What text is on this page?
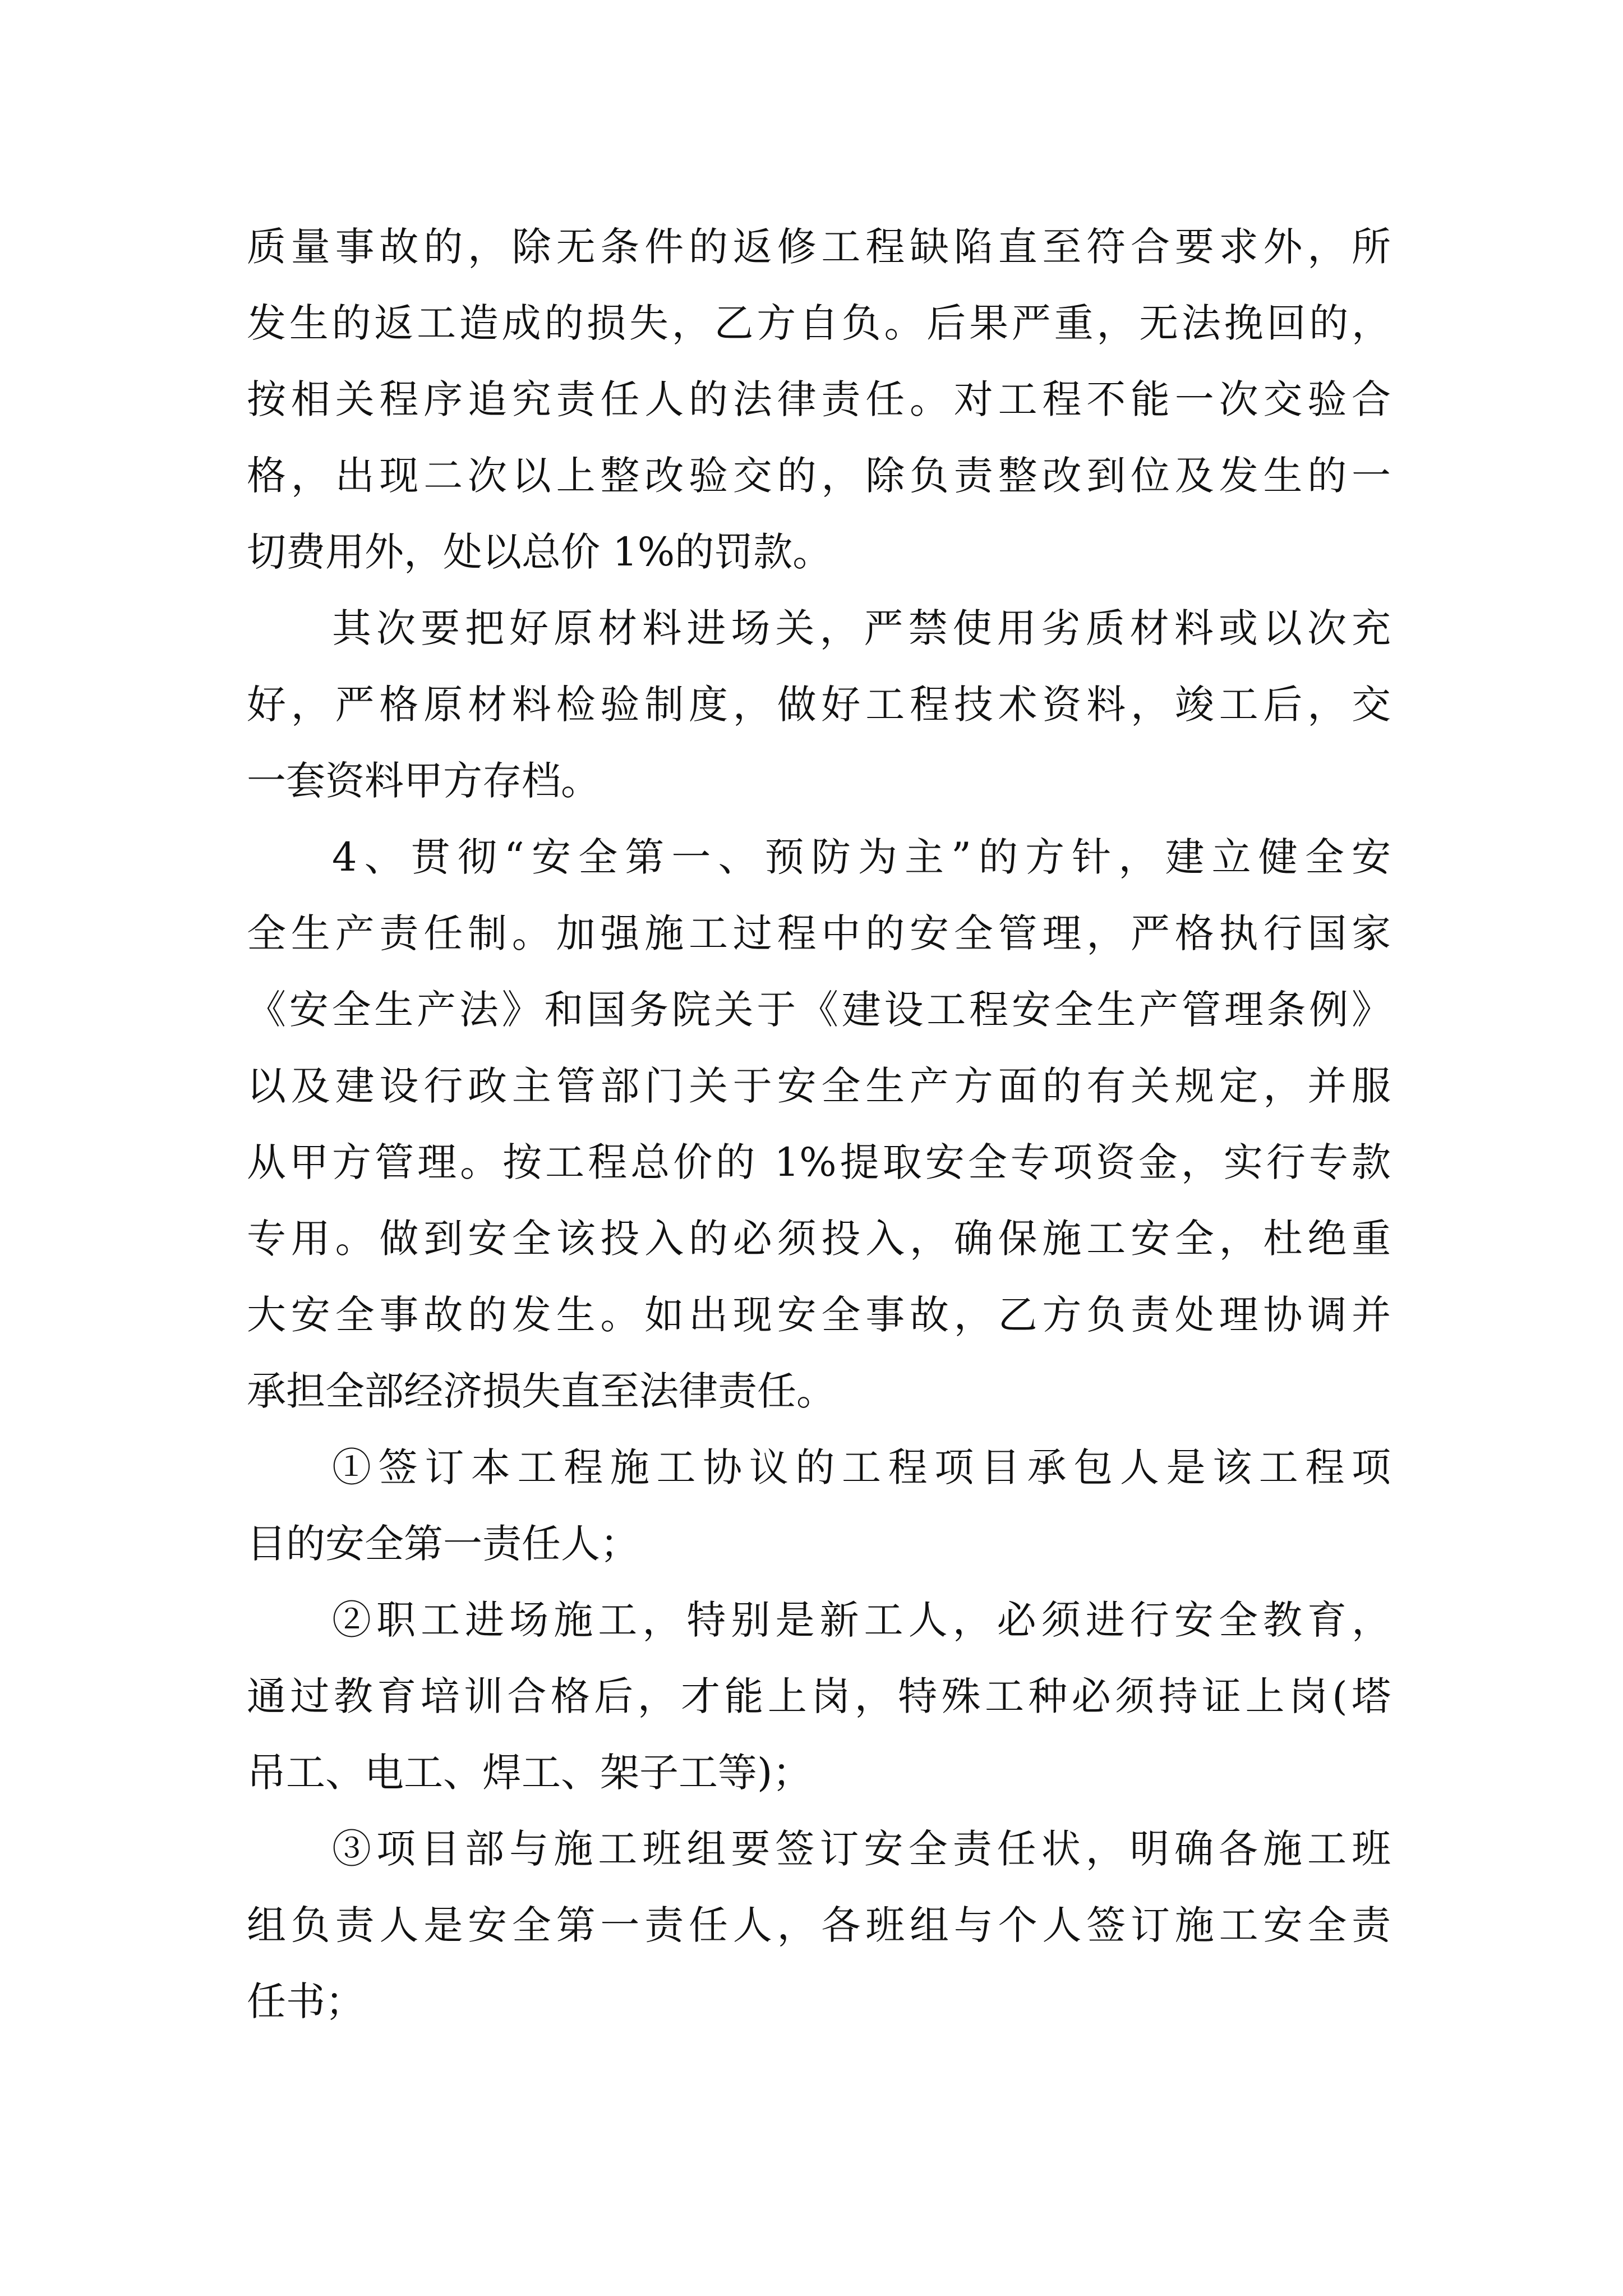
质量事故的，除无条件的返修工程缺陷直至符合要求外，所
发生的返工造成的损失，乙方自负。后果严重，无法挽回的，
按相关程序追究责任人的法律责任。对工程不能一次交验合
格，出现二次以上整改验交的，除负责整改到位及发生的一
切费用外，处以总价 1%的罚款。
其次要把好原材料进场关，严禁使用劣质材料或以次充
好，严格原材料检验制度，做好工程技术资料，竣工后，交
一套资料甲方存档。
4、贯彻“安全第一、预防为主”的方针，建立健全安
全生产责任制。加强施工过程中的安全管理，严格执行国家
《安全生产法》和国务院关于《建设工程安全生产管理条例》
以及建设行政主管部门关于安全生产方面的有关规定，并服
从甲方管理。按工程总价的 1%提取安全专项资金，实行专款
专用。做到安全该投入的必须投入，确保施工安全，杜绝重
大安全事故的发生。如出现安全事故，乙方负责处理协调并
承担全部经济损失直至法律责任。
①签订本工程施工协议的工程项目承包人是该工程项
目的安全第一责任人；
②职工进场施工，特别是新工人，必须进行安全教育，
通过教育培训合格后，才能上岗，特殊工种必须持证上岗(塔
吊工、电工、焊工、架子工等)；
③项目部与施工班组要签订安全责任状，明确各施工班
组负责人是安全第一责任人，各班组与个人签订施工安全责
任书；
